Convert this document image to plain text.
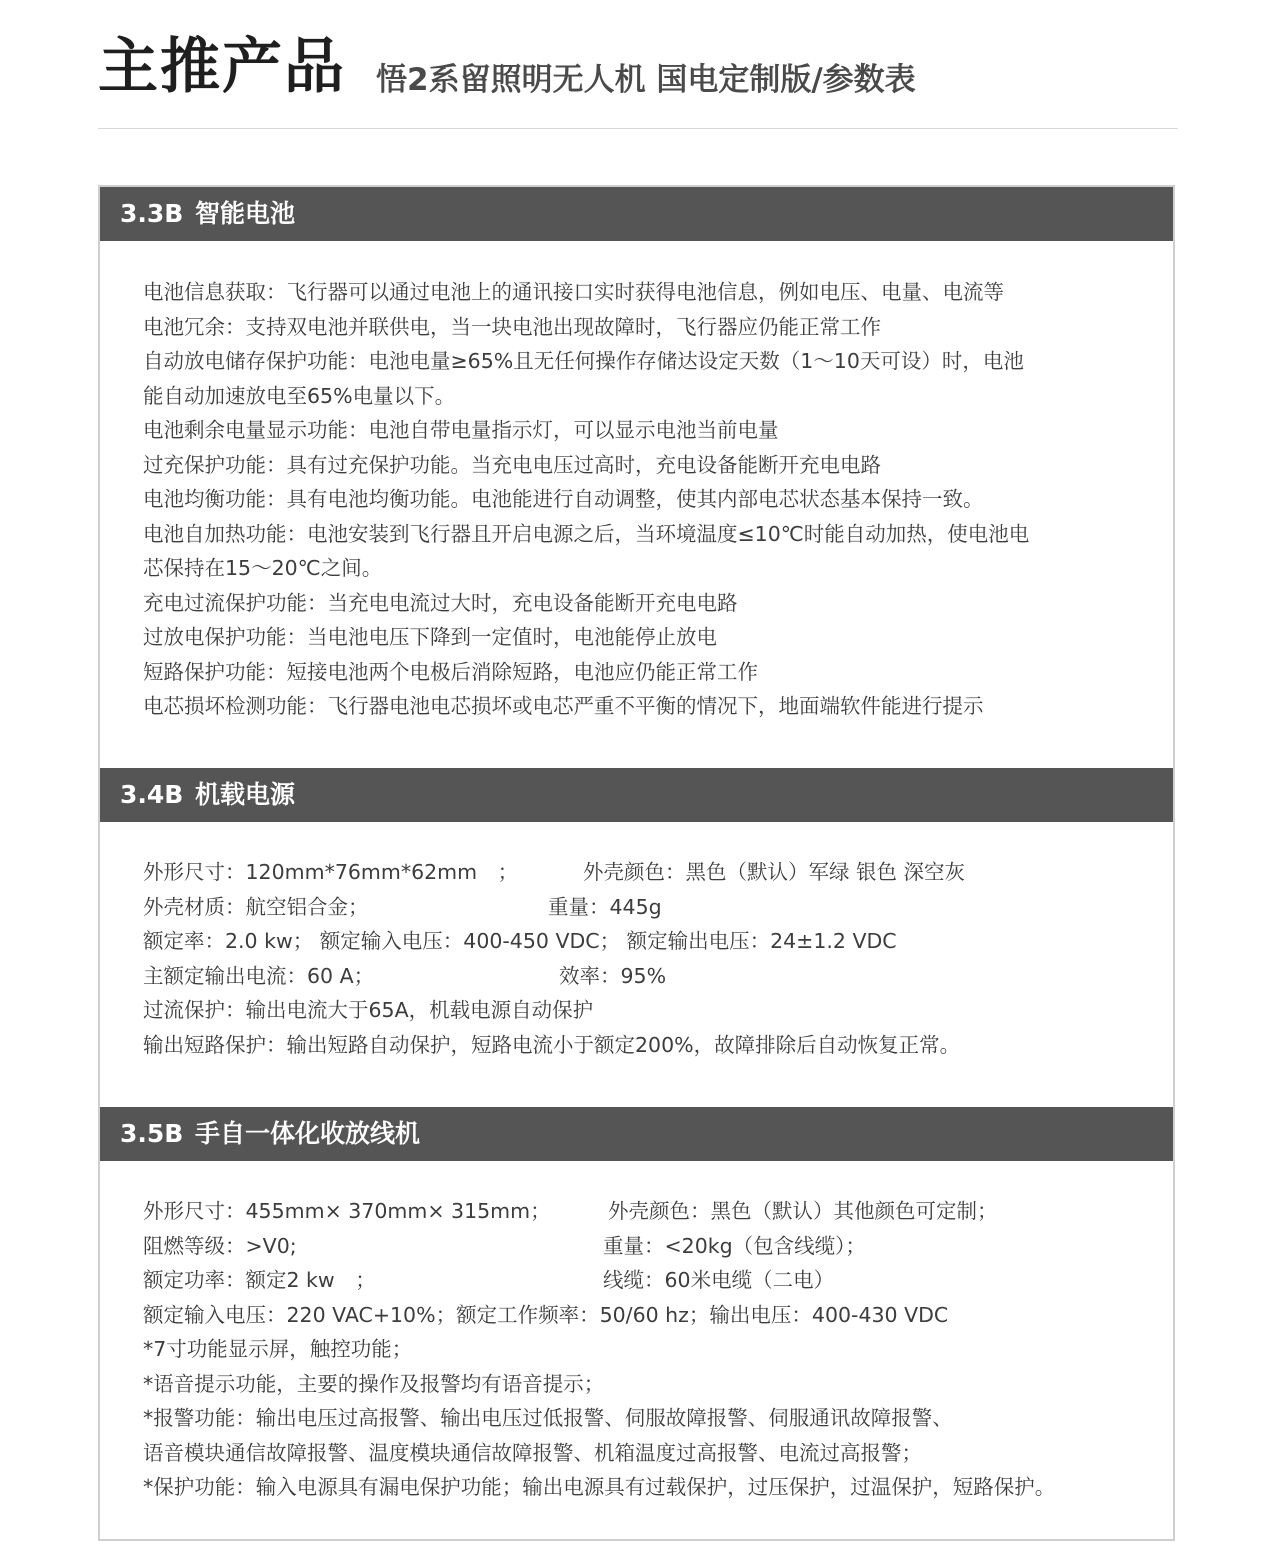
主推产品 悟2系留照明无人机 国电定制版/参数表
3.3B 智能电池
电池信息获取：飞行器可以通过电池上的通讯接口实时获得电池信息，例如电压、电量、电流等
电池冗余：支持双电池并联供电，当一块电池出现故障时，飞行器应仍能正常工作
自动放电储存保护功能：电池电量≥65%且无任何操作存储达设定天数（1～10天可设）时，电池
能自动加速放电至65%电量以下。
电池剩余电量显示功能：电池自带电量指示灯，可以显示电池当前电量
过充保护功能：具有过充保护功能。当充电电压过高时，充电设备能断开充电电路
电池均衡功能：具有电池均衡功能。电池能进行自动调整，使其内部电芯状态基本保持一致。
电池自加热功能：电池安装到飞行器且开启电源之后，当环境温度≤10℃时能自动加热，使电池电
芯保持在15～20℃之间。
充电过流保护功能：当充电电流过大时，充电设备能断开充电电路
过放电保护功能：当电池电压下降到一定值时，电池能停止放电
短路保护功能：短接电池两个电极后消除短路，电池应仍能正常工作
电芯损坏检测功能：飞行器电池电芯损坏或电芯严重不平衡的情况下，地面端软件能进行提示
3.4B 机载电源
外形尺寸：120mm*76mm*62mm　；	外壳颜色：黑色（默认）军绿 银色 深空灰
外壳材质：航空铝合金；	重量：445g
额定率：2.0 kw； 额定输入电压：400-450 VDC； 额定输出电压：24±1.2 VDC
主额定输出电流：60 A；	效率：95%
过流保护：输出电流大于65A，机载电源自动保护
输出短路保护：输出短路自动保护，短路电流小于额定200%，故障排除后自动恢复正常。
3.5B 手自一体化收放线机
外形尺寸：455mm× 370mm× 315mm；	外壳颜色：黑色（默认）其他颜色可定制；
阻燃等级：>V0;	重量：<20kg（包含线缆）；
额定功率：额定2 kw　；	线缆：60米电缆（二电）
额定输入电压：220 VAC+10%；额定工作频率：50/60 hz；输出电压：400-430 VDC
*7寸功能显示屏，触控功能；
*语音提示功能，主要的操作及报警均有语音提示；
*报警功能：输出电压过高报警、输出电压过低报警、伺服故障报警、伺服通讯故障报警、
语音模块通信故障报警、温度模块通信故障报警、机箱温度过高报警、电流过高报警；
*保护功能：输入电源具有漏电保护功能；输出电源具有过载保护，过压保护，过温保护，短路保护。
